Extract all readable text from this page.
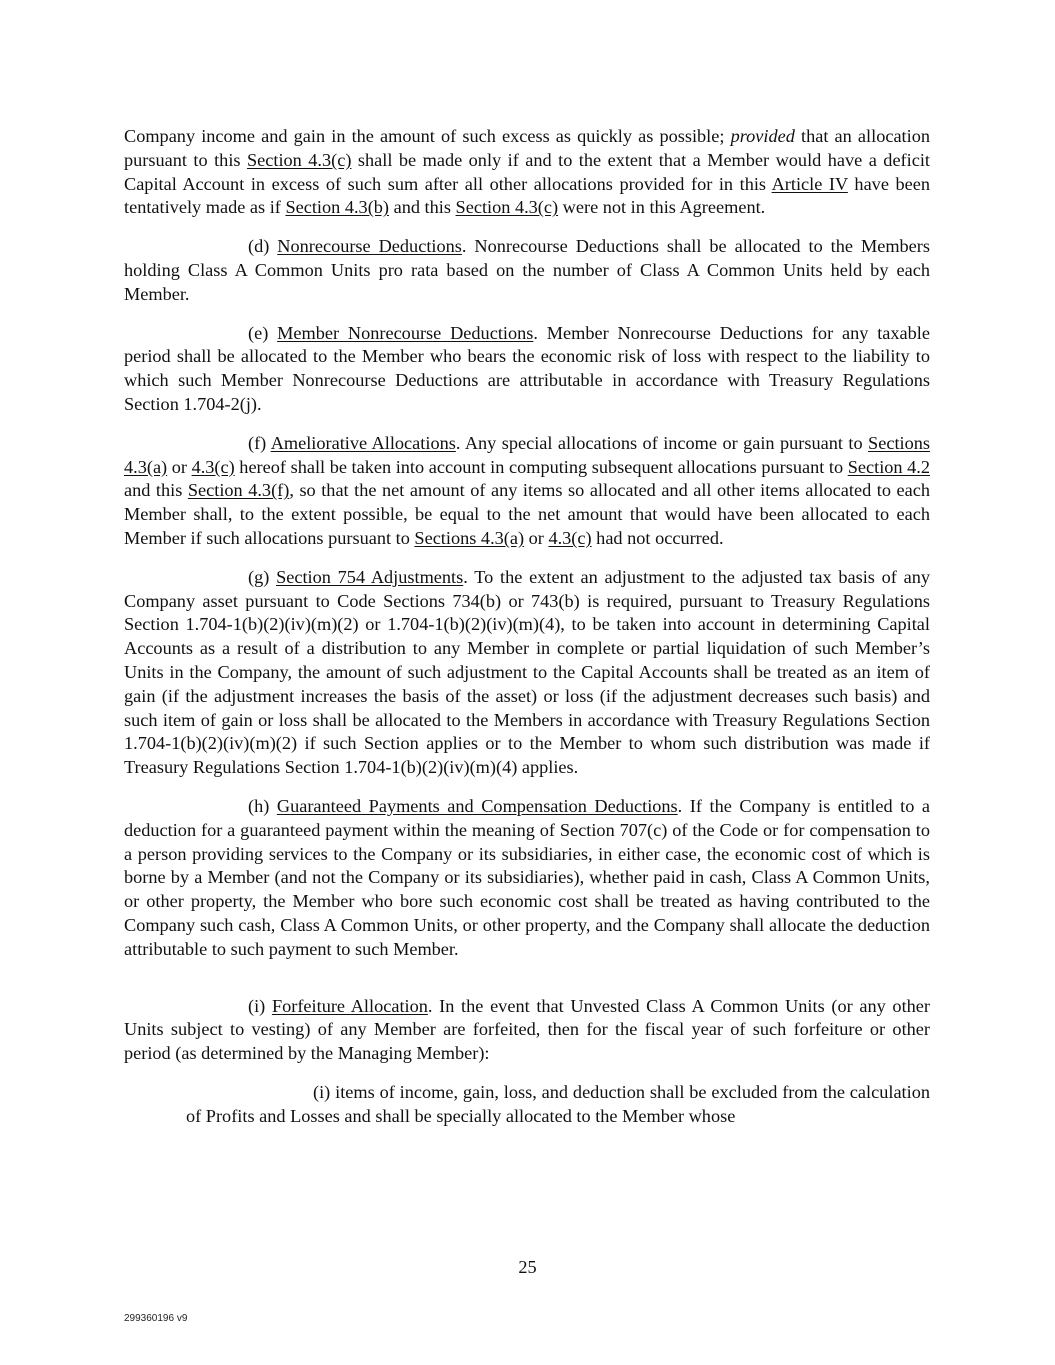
Company income and gain in the amount of such excess as quickly as possible; provided that an allocation pursuant to this Section 4.3(c) shall be made only if and to the extent that a Member would have a deficit Capital Account in excess of such sum after all other allocations provided for in this Article IV have been tentatively made as if Section 4.3(b) and this Section 4.3(c) were not in this Agreement.

(d) Nonrecourse Deductions. Nonrecourse Deductions shall be allocated to the Members holding Class A Common Units pro rata based on the number of Class A Common Units held by each Member.

(e) Member Nonrecourse Deductions. Member Nonrecourse Deductions for any taxable period shall be allocated to the Member who bears the economic risk of loss with respect to the liability to which such Member Nonrecourse Deductions are attributable in accordance with Treasury Regulations Section 1.704-2(j).

(f) Ameliorative Allocations. Any special allocations of income or gain pursuant to Sections 4.3(a) or 4.3(c) hereof shall be taken into account in computing subsequent allocations pursuant to Section 4.2 and this Section 4.3(f), so that the net amount of any items so allocated and all other items allocated to each Member shall, to the extent possible, be equal to the net amount that would have been allocated to each Member if such allocations pursuant to Sections 4.3(a) or 4.3(c) had not occurred.

(g) Section 754 Adjustments. To the extent an adjustment to the adjusted tax basis of any Company asset pursuant to Code Sections 734(b) or 743(b) is required, pursuant to Treasury Regulations Section 1.704-1(b)(2)(iv)(m)(2) or 1.704-1(b)(2)(iv)(m)(4), to be taken into account in determining Capital Accounts as a result of a distribution to any Member in complete or partial liquidation of such Member’s Units in the Company, the amount of such adjustment to the Capital Accounts shall be treated as an item of gain (if the adjustment increases the basis of the asset) or loss (if the adjustment decreases such basis) and such item of gain or loss shall be allocated to the Members in accordance with Treasury Regulations Section 1.704-1(b)(2)(iv)(m)(2) if such Section applies or to the Member to whom such distribution was made if Treasury Regulations Section 1.704-1(b)(2)(iv)(m)(4) applies.

(h) Guaranteed Payments and Compensation Deductions. If the Company is entitled to a deduction for a guaranteed payment within the meaning of Section 707(c) of the Code or for compensation to a person providing services to the Company or its subsidiaries, in either case, the economic cost of which is borne by a Member (and not the Company or its subsidiaries), whether paid in cash, Class A Common Units, or other property, the Member who bore such economic cost shall be treated as having contributed to the Company such cash, Class A Common Units, or other property, and the Company shall allocate the deduction attributable to such payment to such Member.

(i) Forfeiture Allocation. In the event that Unvested Class A Common Units (or any other Units subject to vesting) of any Member are forfeited, then for the fiscal year of such forfeiture or other period (as determined by the Managing Member):

(i) items of income, gain, loss, and deduction shall be excluded from the calculation of Profits and Losses and shall be specially allocated to the Member whose

25
299360196 v9
